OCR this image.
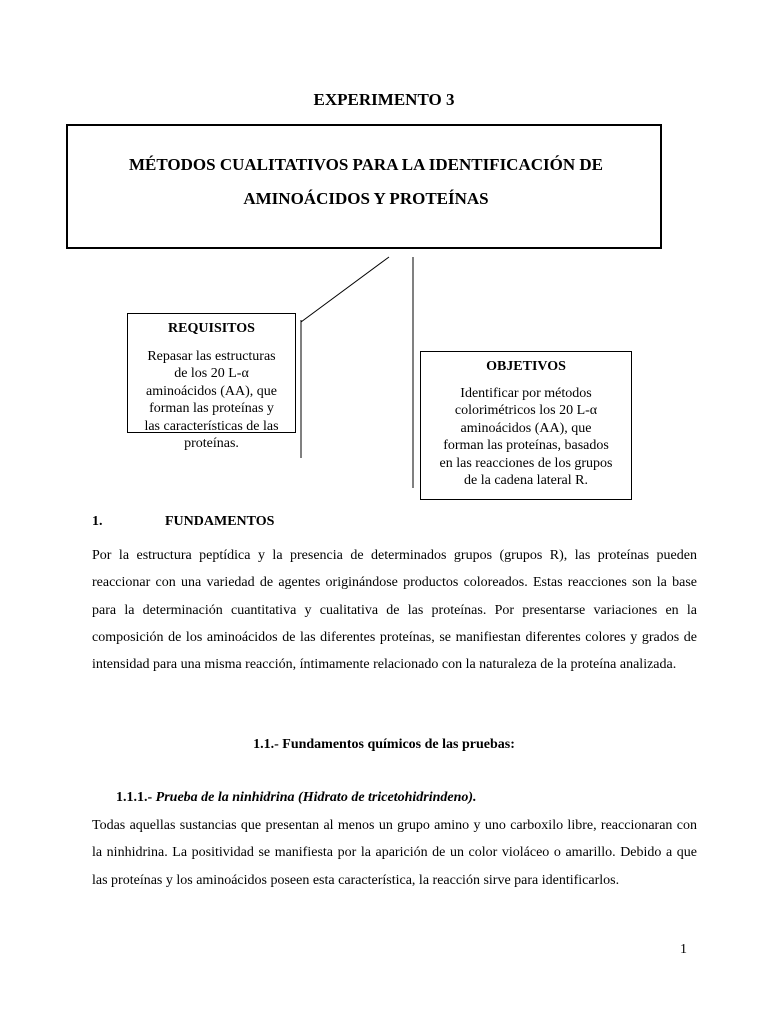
EXPERIMENTO 3
MÉTODOS CUALITATIVOS PARA LA IDENTIFICACIÓN DE
AMINOÁCIDOS Y PROTEÍNAS
REQUISITOS
Repasar las estructuras
de los 20 L-α
aminoácidos (AA), que
forman las proteínas y
las características de las
proteínas.
OBJETIVOS
Identificar por métodos
colorimétricos los 20 L-α
aminoácidos (AA), que
forman las proteínas, basados
en las reacciones de los grupos
de la cadena lateral R.
1.	FUNDAMENTOS
Por la estructura peptídica y la presencia de determinados grupos (grupos R), las proteínas pueden reaccionar con una variedad de agentes originándose productos coloreados. Estas reacciones son la base para la determinación cuantitativa y cualitativa de las proteínas. Por presentarse variaciones en la composición de los aminoácidos de las diferentes proteínas, se manifiestan diferentes colores y grados de intensidad para una misma reacción, íntimamente relacionado con la naturaleza de la proteína analizada.
1.1.- Fundamentos químicos de las pruebas:
1.1.1.- Prueba de la ninhidrina (Hidrato de tricetohidrindeno).
Todas aquellas sustancias que presentan al menos un grupo amino y uno carboxilo libre, reaccionaran con la ninhidrina. La positividad se manifiesta por la aparición de un color violáceo o amarillo. Debido a que las proteínas y los aminoácidos poseen esta característica, la reacción sirve para identificarlos.
1
